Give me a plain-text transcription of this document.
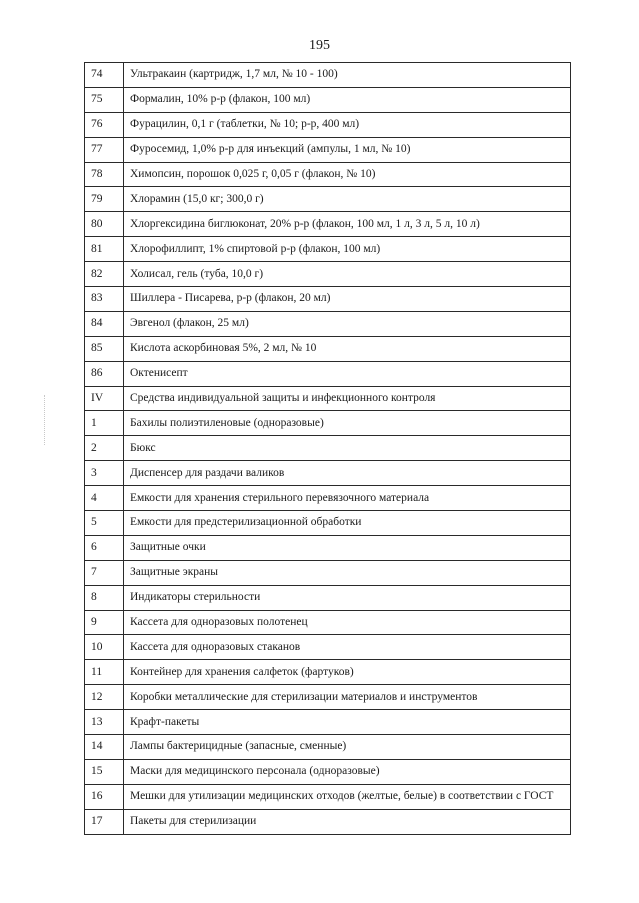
195
74	Ультракаин (картридж, 1,7 мл, № 10 - 100)
75	Формалин, 10% р-р (флакон, 100 мл)
76	Фурацилин, 0,1 г (таблетки, № 10; р-р, 400 мл)
77	Фуросемид, 1,0% р-р для инъекций (ампулы, 1 мл, № 10)
78	Химопсин, порошок 0,025 г, 0,05 г (флакон, № 10)
79	Хлорамин (15,0 кг; 300,0 г)
80	Хлоргексидина биглюконат, 20% р-р (флакон, 100 мл, 1 л, 3 л, 5 л, 10 л)
81	Хлорофиллипт, 1% спиртовой р-р (флакон, 100 мл)
82	Холисал, гель (туба, 10,0 г)
83	Шиллера - Писарева, р-р (флакон, 20 мл)
84	Эвгенол (флакон, 25 мл)
85	Кислота аскорбиновая 5%, 2 мл, № 10
86	Октенисепт
IV	Средства индивидуальной защиты и инфекционного контроля
1	Бахилы полиэтиленовые (одноразовые)
2	Бюкс
3	Диспенсер для раздачи валиков
4	Емкости для хранения стерильного перевязочного материала
5	Емкости для предстерилизационной обработки
6	Защитные очки
7	Защитные экраны
8	Индикаторы стерильности
9	Кассета для одноразовых полотенец
10	Кассета для одноразовых стаканов
11	Контейнер для хранения салфеток (фартуков)
12	Коробки металлические для стерилизации материалов и инструментов
13	Крафт-пакеты
14	Лампы бактерицидные (запасные, сменные)
15	Маски для медицинского персонала (одноразовые)
16	Мешки для утилизации медицинских отходов (желтые, белые) в соответствии с ГОСТ
17	Пакеты для стерилизации
